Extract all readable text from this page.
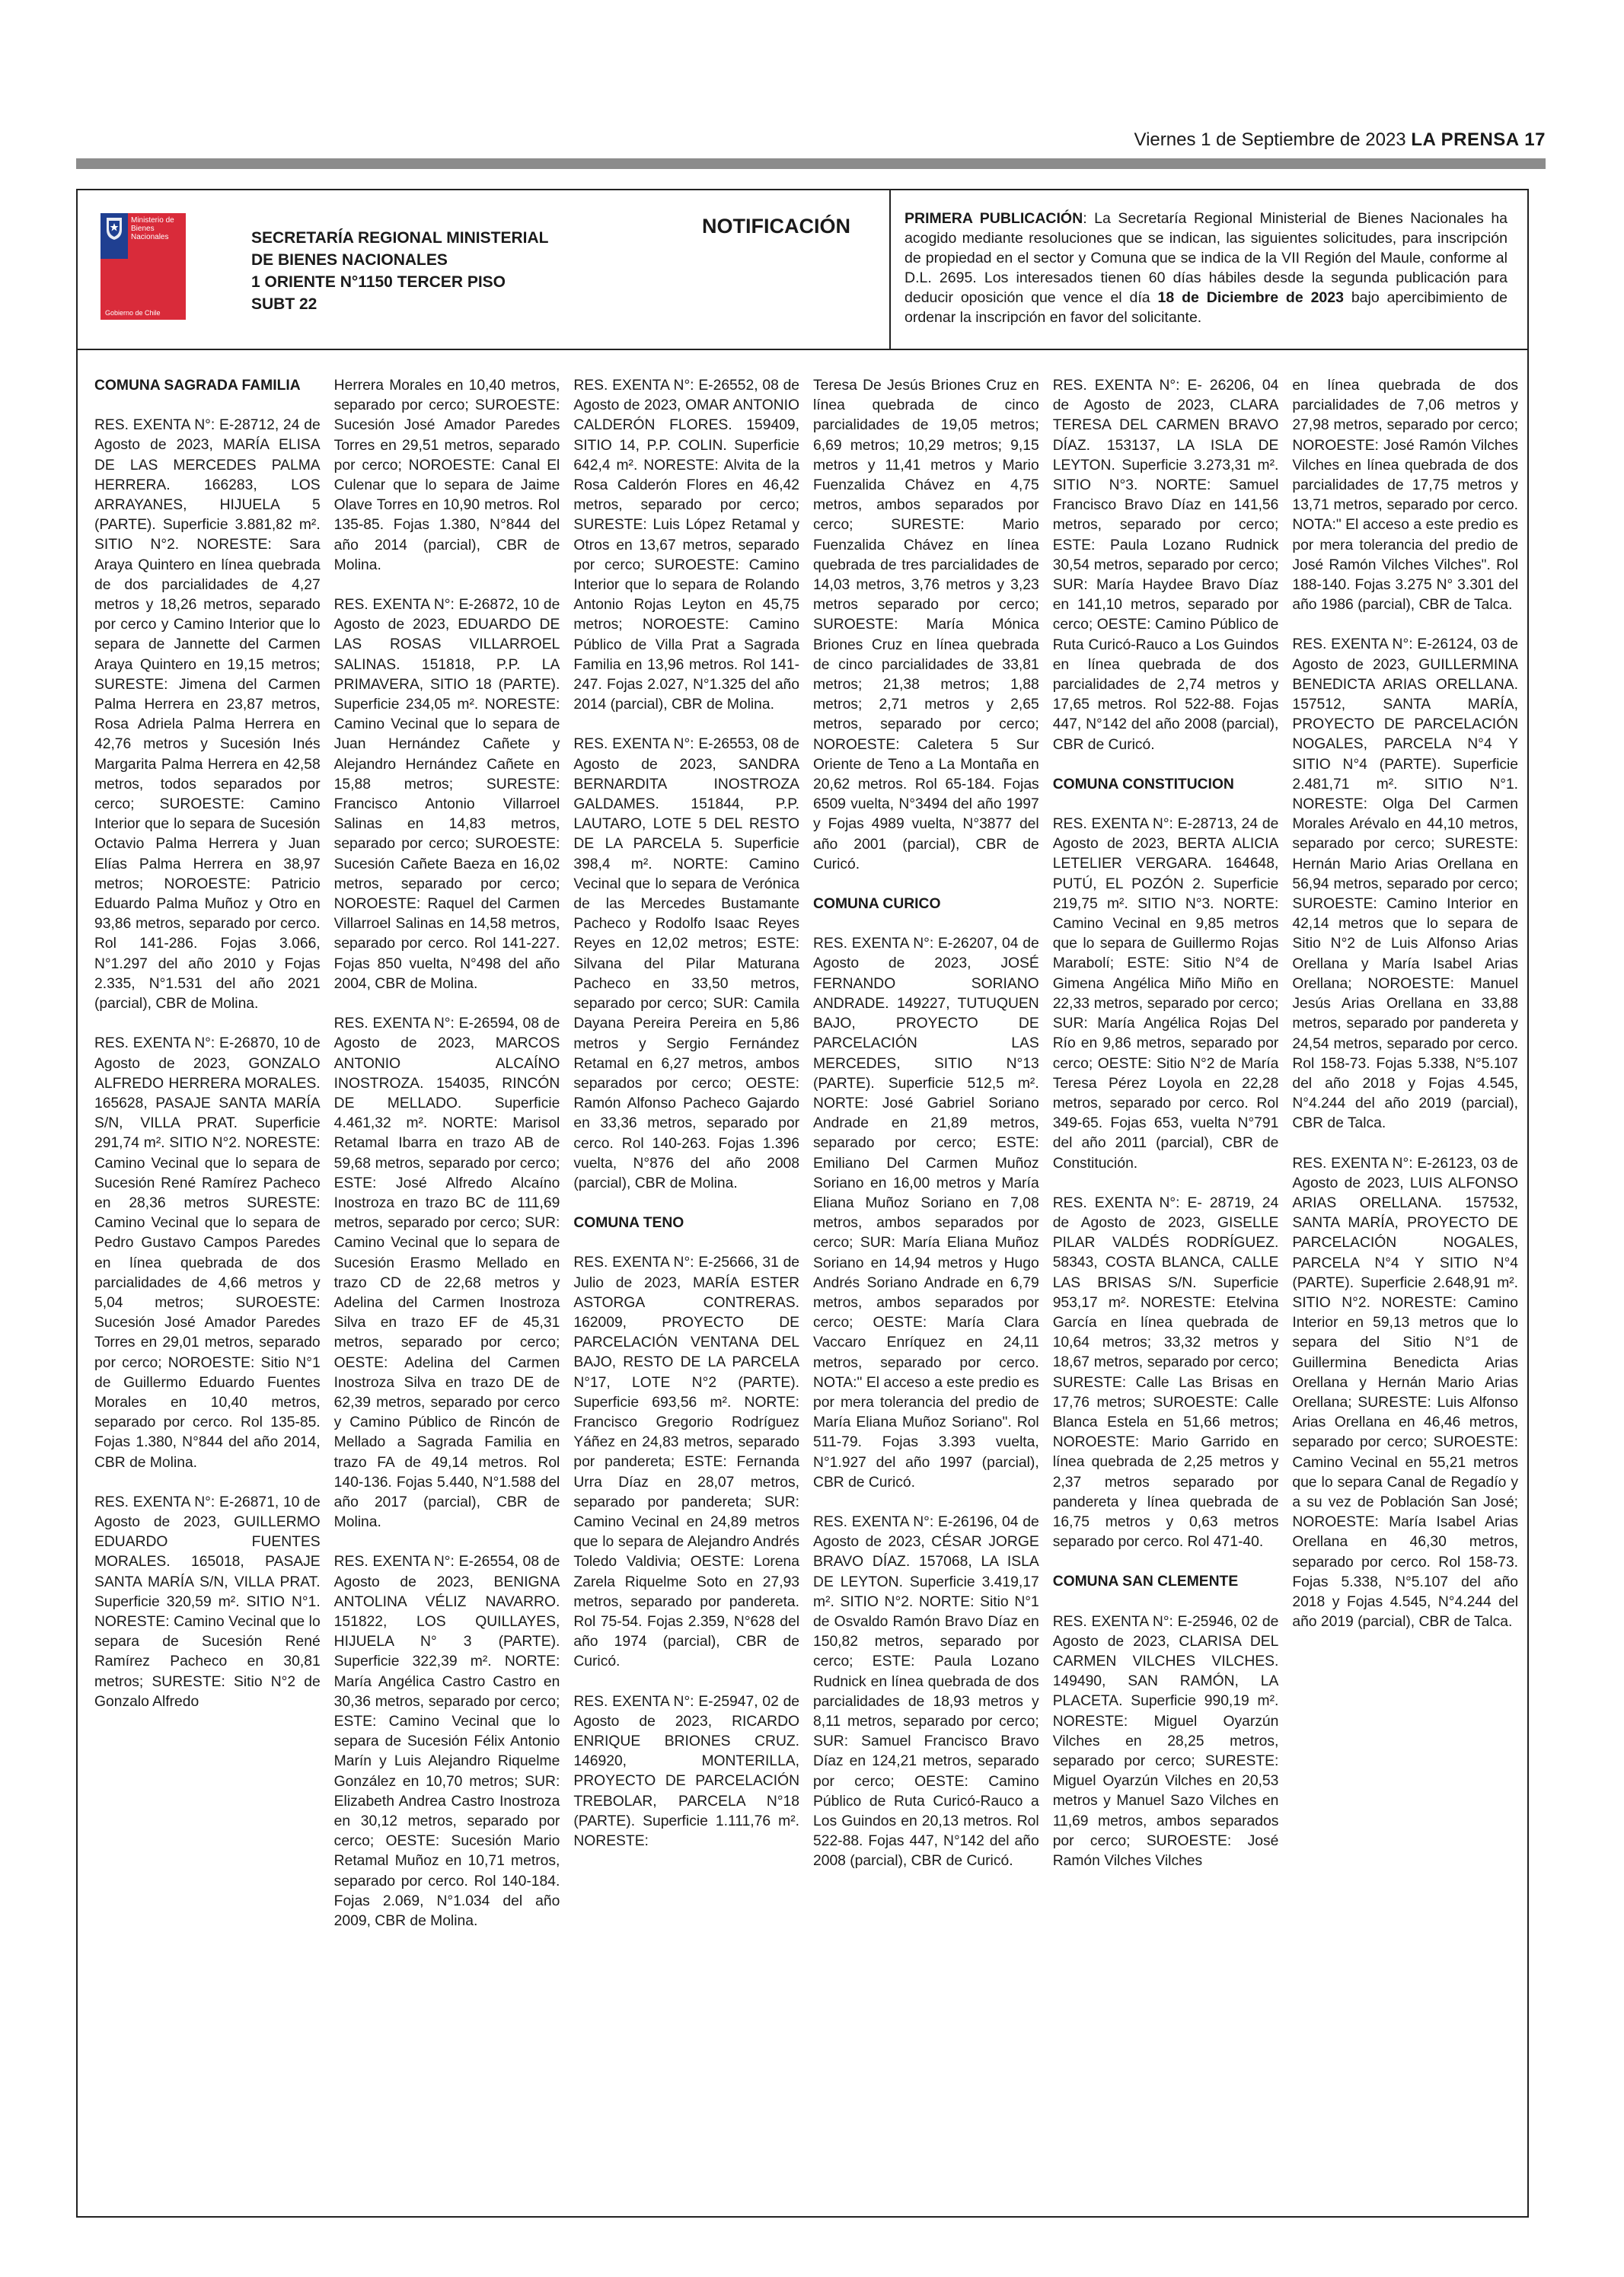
Viernes 1 de Septiembre de 2023 LA PRENSA 17
Ministerio de Bienes Nacionales
Gobierno de Chile
SECRETARÍA REGIONAL MINISTERIAL
DE BIENES NACIONALES
1 ORIENTE N°1150 TERCER PISO
SUBT 22
NOTIFICACIÓN	PRIMERA PUBLICACIÓN: La Secretaría Regional Ministerial de Bienes Nacionales ha acogido mediante resoluciones que se indican, las siguientes solicitudes, para inscripción de propiedad en el sector y Comuna que se indica de la VII Región del Maule, conforme al D.L. 2695. Los interesados tienen 60 días hábiles desde la segunda publicación para deducir oposición que vence el día 18 de Diciembre de 2023 bajo apercibimiento de ordenar la inscripción en favor del solicitante.
COMUNA SAGRADA FAMILIA

RES. EXENTA N°: E-28712, 24 de Agosto de 2023, MARÍA ELISA DE LAS MERCEDES PALMA HERRERA. 166283, LOS ARRAYANES, HIJUELA 5 (PARTE). Superficie 3.881,82 m². SITIO N°2. NORESTE: Sara Araya Quintero en línea quebrada de dos parcialidades de 4,27 metros y 18,26 metros, separado por cerco y Camino Interior que lo separa de Jannette del Carmen Araya Quintero en 19,15 metros; SURESTE: Jimena del Carmen Palma Herrera en 23,87 metros, Rosa Adriela Palma Herrera en 42,76 metros y Sucesión Inés Margarita Palma Herrera en 42,58 metros, todos separados por cerco; SUROESTE: Camino Interior que lo separa de Sucesión Octavio Palma Herrera y Juan Elías Palma Herrera en 38,97 metros; NOROESTE: Patricio Eduardo Palma Muñoz y Otro en 93,86 metros, separado por cerco. Rol 141-286. Fojas 3.066, N°1.297 del año 2010 y Fojas 2.335, N°1.531 del año 2021 (parcial), CBR de Molina.

RES. EXENTA N°: E-26870, 10 de Agosto de 2023, GONZALO ALFREDO HERRERA MORALES. 165628, PASAJE SANTA MARÍA S/N, VILLA PRAT. Superficie 291,74 m². SITIO N°2. NORESTE: Camino Vecinal que lo separa de Sucesión René Ramírez Pacheco en 28,36 metros SURESTE: Camino Vecinal que lo separa de Pedro Gustavo Campos Paredes en línea quebrada de dos parcialidades de 4,66 metros y 5,04 metros; SUROESTE: Sucesión José Amador Paredes Torres en 29,01 metros, separado por cerco; NOROESTE: Sitio N°1 de Guillermo Eduardo Fuentes Morales en 10,40 metros, separado por cerco. Rol 135-85. Fojas 1.380, N°844 del año 2014, CBR de Molina.

RES. EXENTA N°: E-26871, 10 de Agosto de 2023, GUILLERMO EDUARDO FUENTES MORALES. 165018, PASAJE SANTA MARÍA S/N, VILLA PRAT. Superficie 320,59 m². SITIO N°1. NORESTE: Camino Vecinal que lo separa de Sucesión René Ramírez Pacheco en 30,81 metros; SURESTE: Sitio N°2 de Gonzalo Alfredo

Herrera Morales en 10,40 metros, separado por cerco; SUROESTE: Sucesión José Amador Paredes Torres en 29,51 metros, separado por cerco; NOROESTE: Canal El Culenar que lo separa de Jaime Olave Torres en 10,90 metros. Rol 135-85. Fojas 1.380, N°844 del año 2014 (parcial), CBR de Molina.

RES. EXENTA N°: E-26872, 10 de Agosto de 2023, EDUARDO DE LAS ROSAS VILLARROEL SALINAS. 151818, P.P. LA PRIMAVERA, SITIO 18 (PARTE). Superficie 234,05 m². NORESTE: Camino Vecinal que lo separa de Juan Hernández Cañete y Alejandro Hernández Cañete en 15,88 metros; SURESTE: Francisco Antonio Villarroel Salinas en 14,83 metros, separado por cerco; SUROESTE: Sucesión Cañete Baeza en 16,02 metros, separado por cerco; NOROESTE: Raquel del Carmen Villarroel Salinas en 14,58 metros, separado por cerco. Rol 141-227. Fojas 850 vuelta, N°498 del año 2004, CBR de Molina.

RES. EXENTA N°: E-26594, 08 de Agosto de 2023, MARCOS ANTONIO ALCAÍNO INOSTROZA. 154035, RINCÓN DE MELLADO. Superficie 4.461,32 m². NORTE: Marisol Retamal Ibarra en trazo AB de 59,68 metros, separado por cerco; ESTE: José Alfredo Alcaíno Inostroza en trazo BC de 111,69 metros, separado por cerco; SUR: Camino Vecinal que lo separa de Sucesión Erasmo Mellado en trazo CD de 22,68 metros y Adelina del Carmen Inostroza Silva en trazo EF de 45,31 metros, separado por cerco; OESTE: Adelina del Carmen Inostroza Silva en trazo DE de 62,39 metros, separado por cerco y Camino Público de Rincón de Mellado a Sagrada Familia en trazo FA de 49,14 metros. Rol 140-136. Fojas 5.440, N°1.588 del año 2017 (parcial), CBR de Molina.

RES. EXENTA N°: E-26554, 08 de Agosto de 2023, BENIGNA ANTOLINA VÉLIZ NAVARRO. 151822, LOS QUILLAYES, HIJUELA N° 3 (PARTE). Superficie 322,39 m². NORTE: María Angélica Castro Castro en 30,36 metros, separado por cerco; ESTE: Camino Vecinal que lo separa de Sucesión Félix Antonio Marín y Luis Alejandro Riquelme González en 10,70 metros; SUR: Elizabeth Andrea Castro Inostroza en 30,12 metros, separado por cerco; OESTE: Sucesión Mario Retamal Muñoz en 10,71 metros, separado por cerco. Rol 140-184. Fojas 2.069, N°1.034 del año 2009, CBR de Molina.

RES. EXENTA N°: E-26552, 08 de Agosto de 2023, OMAR ANTONIO CALDERÓN FLORES. 159409, SITIO 14, P.P. COLIN. Superficie 642,4 m². NORESTE: Alvita de la Rosa Calderón Flores en 46,42 metros, separado por cerco; SURESTE: Luis López Retamal y Otros en 13,67 metros, separado por cerco; SUROESTE: Camino Interior que lo separa de Rolando Antonio Rojas Leyton en 45,75 metros; NOROESTE: Camino Público de Villa Prat a Sagrada Familia en 13,96 metros. Rol 141-247. Fojas 2.027, N°1.325 del año 2014 (parcial), CBR de Molina.

RES. EXENTA N°: E-26553, 08 de Agosto de 2023, SANDRA BERNARDITA INOSTROZA GALDAMES. 151844, P.P. LAUTARO, LOTE 5 DEL RESTO DE LA PARCELA 5. Superficie 398,4 m². NORTE: Camino Vecinal que lo separa de Verónica de las Mercedes Bustamante Pacheco y Rodolfo Isaac Reyes Reyes en 12,02 metros; ESTE: Silvana del Pilar Maturana Pacheco en 33,50 metros, separado por cerco; SUR: Camila Dayana Pereira Pereira en 5,86 metros y Sergio Fernández Retamal en 6,27 metros, ambos separados por cerco; OESTE: Ramón Alfonso Pacheco Gajardo en 33,36 metros, separado por cerco. Rol 140-263. Fojas 1.396 vuelta, N°876 del año 2008 (parcial), CBR de Molina.

COMUNA TENO

RES. EXENTA N°: E-25666, 31 de Julio de 2023, MARÍA ESTER ASTORGA CONTRERAS. 162009, PROYECTO DE PARCELACIÓN VENTANA DEL BAJO, RESTO DE LA PARCELA N°17, LOTE N°2 (PARTE). Superficie 693,56 m². NORTE: Francisco Gregorio Rodríguez Yáñez en 24,83 metros, separado por pandereta; ESTE: Fernanda Urra Díaz en 28,07 metros, separado por pandereta; SUR: Camino Vecinal en 24,89 metros que lo separa de Alejandro Andrés Toledo Valdivia; OESTE: Lorena Zarela Riquelme Soto en 27,93 metros, separado por pandereta. Rol 75-54. Fojas 2.359, N°628 del año 1974 (parcial), CBR de Curicó.

RES. EXENTA N°: E-25947, 02 de Agosto de 2023, RICARDO ENRIQUE BRIONES CRUZ. 146920, MONTERILLA, PROYECTO DE PARCELACIÓN TREBOLAR, PARCELA N°18 (PARTE). Superficie 1.111,76 m². NORESTE:

Teresa De Jesús Briones Cruz en línea quebrada de cinco parcialidades de 19,05 metros; 6,69 metros; 10,29 metros; 9,15 metros y 11,41 metros y Mario Fuenzalida Chávez en 4,75 metros, ambos separados por cerco; SURESTE: Mario Fuenzalida Chávez en línea quebrada de tres parcialidades de 14,03 metros, 3,76 metros y 3,23 metros separado por cerco; SUROESTE: María Mónica Briones Cruz en línea quebrada de cinco parcialidades de 33,81 metros; 21,38 metros; 1,88 metros; 2,71 metros y 2,65 metros, separado por cerco; NOROESTE: Caletera 5 Sur Oriente de Teno a La Montaña en 20,62 metros. Rol 65-184. Fojas 6509 vuelta, N°3494 del año 1997 y Fojas 4989 vuelta, N°3877 del año 2001 (parcial), CBR de Curicó.

COMUNA CURICO

RES. EXENTA N°: E-26207, 04 de Agosto de 2023, JOSÉ FERNANDO SORIANO ANDRADE. 149227, TUTUQUEN BAJO, PROYECTO DE PARCELACIÓN LAS MERCEDES, SITIO N°13 (PARTE). Superficie 512,5 m². NORTE: José Gabriel Soriano Andrade en 21,89 metros, separado por cerco; ESTE: Emiliano Del Carmen Muñoz Soriano en 16,00 metros y María Eliana Muñoz Soriano en 7,08 metros, ambos separados por cerco; SUR: María Eliana Muñoz Soriano en 14,94 metros y Hugo Andrés Soriano Andrade en 6,79 metros, ambos separados por cerco; OESTE: María Clara Vaccaro Enríquez en 24,11 metros, separado por cerco. NOTA:" El acceso a este predio es por mera tolerancia del predio de María Eliana Muñoz Soriano". Rol 511-79. Fojas 3.393 vuelta, N°1.927 del año 1997 (parcial), CBR de Curicó.

RES. EXENTA N°: E-26196, 04 de Agosto de 2023, CÉSAR JORGE BRAVO DÍAZ. 157068, LA ISLA DE LEYTON. Superficie 3.419,17 m². SITIO N°2. NORTE: Sitio N°1 de Osvaldo Ramón Bravo Díaz en 150,82 metros, separado por cerco; ESTE: Paula Lozano Rudnick en línea quebrada de dos parcialidades de 18,93 metros y 8,11 metros, separado por cerco; SUR: Samuel Francisco Bravo Díaz en 124,21 metros, separado por cerco; OESTE: Camino Público de Ruta Curicó-Rauco a Los Guindos en 20,13 metros. Rol 522-88. Fojas 447, N°142 del año 2008 (parcial), CBR de Curicó.

RES. EXENTA N°: E- 26206, 04 de Agosto de 2023, CLARA TERESA DEL CARMEN BRAVO DÍAZ. 153137, LA ISLA DE LEYTON. Superficie 3.273,31 m². SITIO N°3. NORTE: Samuel Francisco Bravo Díaz en 141,56 metros, separado por cerco; ESTE: Paula Lozano Rudnick 30,54 metros, separado por cerco; SUR: María Haydee Bravo Díaz en 141,10 metros, separado por cerco; OESTE: Camino Público de Ruta Curicó-Rauco a Los Guindos en línea quebrada de dos parcialidades de 2,74 metros y 17,65 metros. Rol 522-88. Fojas 447, N°142 del año 2008 (parcial), CBR de Curicó.

COMUNA CONSTITUCION

RES. EXENTA N°: E-28713, 24 de Agosto de 2023, BERTA ALICIA LETELIER VERGARA. 164648, PUTÚ, EL POZÓN 2. Superficie 219,75 m². SITIO N°3. NORTE: Camino Vecinal en 9,85 metros que lo separa de Guillermo Rojas Marabolí; ESTE: Sitio N°4 de Gimena Angélica Miño Miño en 22,33 metros, separado por cerco; SUR: María Angélica Rojas Del Río en 9,86 metros, separado por cerco; OESTE: Sitio N°2 de María Teresa Pérez Loyola en 22,28 metros, separado por cerco. Rol 349-65. Fojas 653, vuelta N°791 del año 2011 (parcial), CBR de Constitución.

RES. EXENTA N°: E- 28719, 24 de Agosto de 2023, GISELLE PILAR VALDÉS RODRÍGUEZ. 58343, COSTA BLANCA, CALLE LAS BRISAS S/N. Superficie 953,17 m². NORESTE: Etelvina García en línea quebrada de 10,64 metros; 33,32 metros y 18,67 metros, separado por cerco; SURESTE: Calle Las Brisas en 17,76 metros; SUROESTE: Calle Blanca Estela en 51,66 metros; NOROESTE: Mario Garrido en línea quebrada de 2,25 metros y 2,37 metros separado por pandereta y línea quebrada de 16,75 metros y 0,63 metros separado por cerco. Rol 471-40.

COMUNA SAN CLEMENTE

RES. EXENTA N°: E-25946, 02 de Agosto de 2023, CLARISA DEL CARMEN VILCHES VILCHES. 149490, SAN RAMÓN, LA PLACETA. Superficie 990,19 m². NORESTE: Miguel Oyarzún Vilches en 28,25 metros, separado por cerco; SURESTE: Miguel Oyarzún Vilches en 20,53 metros y Manuel Sazo Vilches en 11,69 metros, ambos separados por cerco; SUROESTE: José Ramón Vilches Vilches

en línea quebrada de dos parcialidades de 7,06 metros y 27,98 metros, separado por cerco; NOROESTE: José Ramón Vilches Vilches en línea quebrada de dos parcialidades de 17,75 metros y 13,71 metros, separado por cerco. NOTA:" El acceso a este predio es por mera tolerancia del predio de José Ramón Vilches Vilches". Rol 188-140. Fojas 3.275 N° 3.301 del año 1986 (parcial), CBR de Talca.

RES. EXENTA N°: E-26124, 03 de Agosto de 2023, GUILLERMINA BENEDICTA ARIAS ORELLANA. 157512, SANTA MARÍA, PROYECTO DE PARCELACIÓN NOGALES, PARCELA N°4 Y SITIO N°4 (PARTE). Superficie 2.481,71 m². SITIO N°1. NORESTE: Olga Del Carmen Morales Arévalo en 44,10 metros, separado por cerco; SURESTE: Hernán Mario Arias Orellana en 56,94 metros, separado por cerco; SUROESTE: Camino Interior en 42,14 metros que lo separa de Sitio N°2 de Luis Alfonso Arias Orellana y María Isabel Arias Orellana; NOROESTE: Manuel Jesús Arias Orellana en 33,88 metros, separado por pandereta y 24,54 metros, separado por cerco. Rol 158-73. Fojas 5.338, N°5.107 del año 2018 y Fojas 4.545, N°4.244 del año 2019 (parcial), CBR de Talca.

RES. EXENTA N°: E-26123, 03 de Agosto de 2023, LUIS ALFONSO ARIAS ORELLANA. 157532, SANTA MARÍA, PROYECTO DE PARCELACIÓN NOGALES, PARCELA N°4 Y SITIO N°4 (PARTE). Superficie 2.648,91 m². SITIO N°2. NORESTE: Camino Interior en 59,13 metros que lo separa del Sitio N°1 de Guillermina Benedicta Arias Orellana y Hernán Mario Arias Orellana; SURESTE: Luis Alfonso Arias Orellana en 46,46 metros, separado por cerco; SUROESTE: Camino Vecinal en 55,21 metros que lo separa Canal de Regadío y a su vez de Población San José; NOROESTE: María Isabel Arias Orellana en 46,30 metros, separado por cerco. Rol 158-73. Fojas 5.338, N°5.107 del año 2018 y Fojas 4.545, N°4.244 del año 2019 (parcial), CBR de Talca.
